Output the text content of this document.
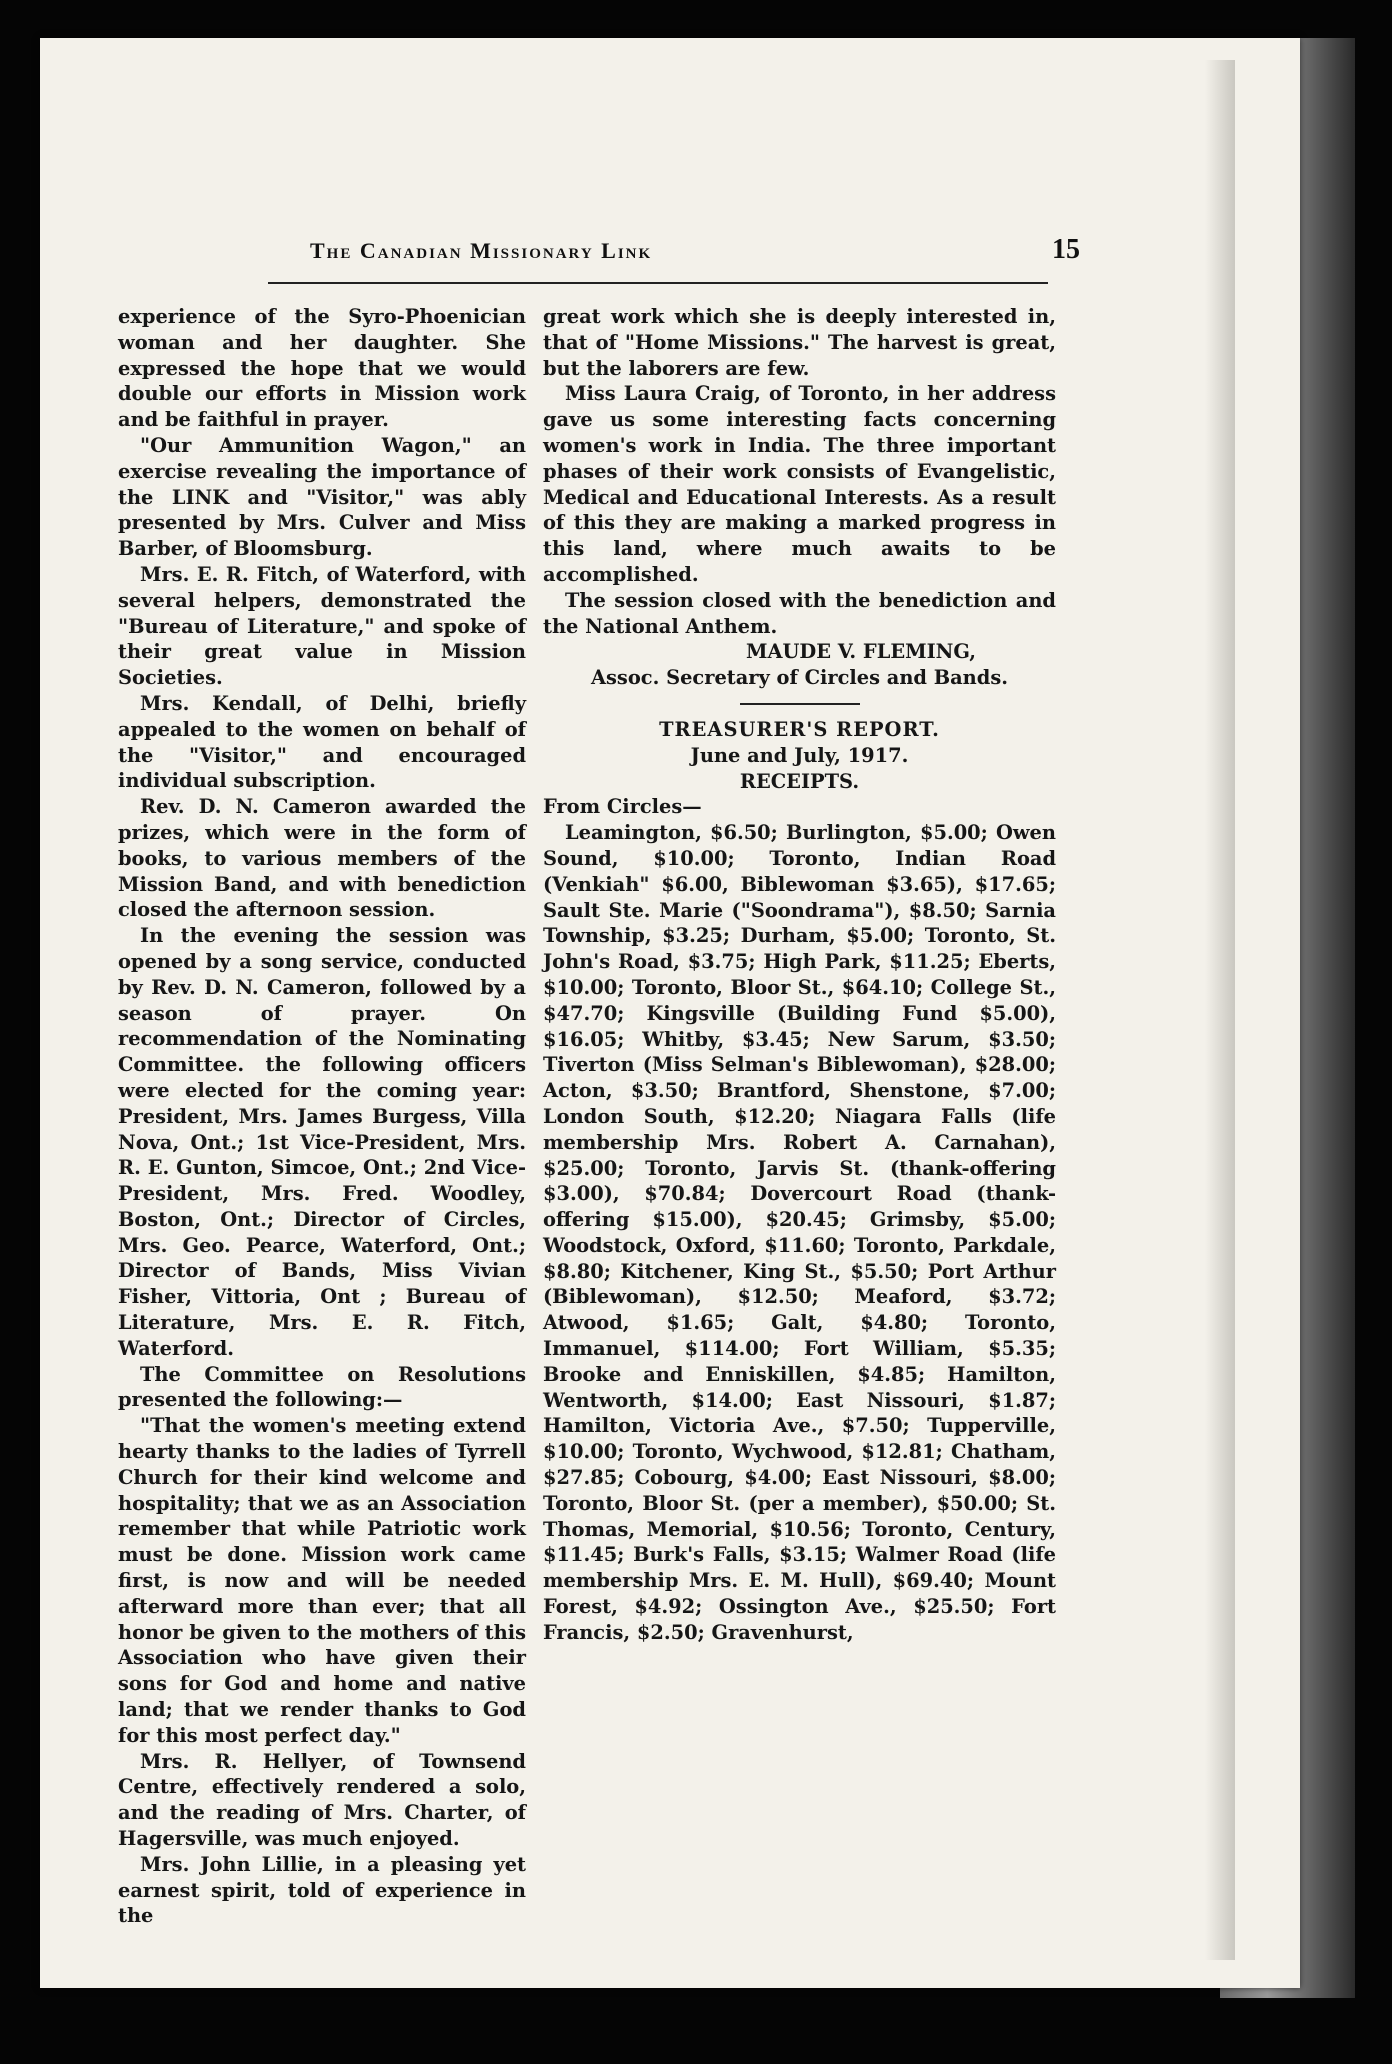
The Canadian Missionary Link	15

experience of the Syro-Phoenician woman and her daughter. She expressed the hope that we would double our efforts in Mission work and be faithful in prayer.

"Our Ammunition Wagon," an exercise revealing the importance of the LINK and "Visitor," was ably presented by Mrs. Culver and Miss Barber, of Bloomsburg.

Mrs. E. R. Fitch, of Waterford, with several helpers, demonstrated the "Bureau of Literature," and spoke of their great value in Mission Societies.

Mrs. Kendall, of Delhi, briefly appealed to the women on behalf of the "Visitor," and encouraged individual subscription.

Rev. D. N. Cameron awarded the prizes, which were in the form of books, to various members of the Mission Band, and with benediction closed the afternoon session.

In the evening the session was opened by a song service, conducted by Rev. D. N. Cameron, followed by a season of prayer. On recommendation of the Nominating Committee. the following officers were elected for the coming year: President, Mrs. James Burgess, Villa Nova, Ont.; 1st Vice-President, Mrs. R. E. Gunton, Simcoe, Ont.; 2nd Vice-President, Mrs. Fred. Woodley, Boston, Ont.; Director of Circles, Mrs. Geo. Pearce, Waterford, Ont.; Director of Bands, Miss Vivian Fisher, Vittoria, Ont ; Bureau of Literature, Mrs. E. R. Fitch, Waterford.

The Committee on Resolutions presented the following:—

"That the women's meeting extend hearty thanks to the ladies of Tyrrell Church for their kind welcome and hospitality; that we as an Association remember that while Patriotic work must be done. Mission work came first, is now and will be needed afterward more than ever; that all honor be given to the mothers of this Association who have given their sons for God and home and native land; that we render thanks to God for this most perfect day."

Mrs. R. Hellyer, of Townsend Centre, effectively rendered a solo, and the reading of Mrs. Charter, of Hagersville, was much enjoyed.

Mrs. John Lillie, in a pleasing yet earnest spirit, told of experience in the

great work which she is deeply interested in, that of "Home Missions." The harvest is great, but the laborers are few.

Miss Laura Craig, of Toronto, in her address gave us some interesting facts concerning women's work in India. The three important phases of their work consists of Evangelistic, Medical and Educational Interests. As a result of this they are making a marked progress in this land, where much awaits to be accomplished.

The session closed with the benediction and the National Anthem.

MAUDE V. FLEMING,

Assoc. Secretary of Circles and Bands.

TREASURER'S REPORT.

June and July, 1917.

RECEIPTS.

From Circles—

Leamington, $6.50; Burlington, $5.00; Owen Sound, $10.00; Toronto, Indian Road (Venkiah" $6.00, Biblewoman $3.65), $17.65; Sault Ste. Marie ("Soondrama"), $8.50; Sarnia Township, $3.25; Durham, $5.00; Toronto, St. John's Road, $3.75; High Park, $11.25; Eberts, $10.00; Toronto, Bloor St., $64.10; College St., $47.70; Kingsville (Building Fund $5.00), $16.05; Whitby, $3.45; New Sarum, $3.50; Tiverton (Miss Selman's Biblewoman), $28.00; Acton, $3.50; Brantford, Shenstone, $7.00; London South, $12.20; Niagara Falls (life membership Mrs. Robert A. Carnahan), $25.00; Toronto, Jarvis St. (thank-offering $3.00), $70.84; Dovercourt Road (thank-offering $15.00), $20.45; Grimsby, $5.00; Woodstock, Oxford, $11.60; Toronto, Parkdale, $8.80; Kitchener, King St., $5.50; Port Arthur (Biblewoman), $12.50; Meaford, $3.72; Atwood, $1.65; Galt, $4.80; Toronto, Immanuel, $114.00; Fort William, $5.35; Brooke and Enniskillen, $4.85; Hamilton, Wentworth, $14.00; East Nissouri, $1.87; Hamilton, Victoria Ave., $7.50; Tupperville, $10.00; Toronto, Wychwood, $12.81; Chatham, $27.85; Cobourg, $4.00; East Nissouri, $8.00; Toronto, Bloor St. (per a member), $50.00; St. Thomas, Memorial, $10.56; Toronto, Century, $11.45; Burk's Falls, $3.15; Walmer Road (life membership Mrs. E. M. Hull), $69.40; Mount Forest, $4.92; Ossington Ave., $25.50; Fort Francis, $2.50; Gravenhurst,
